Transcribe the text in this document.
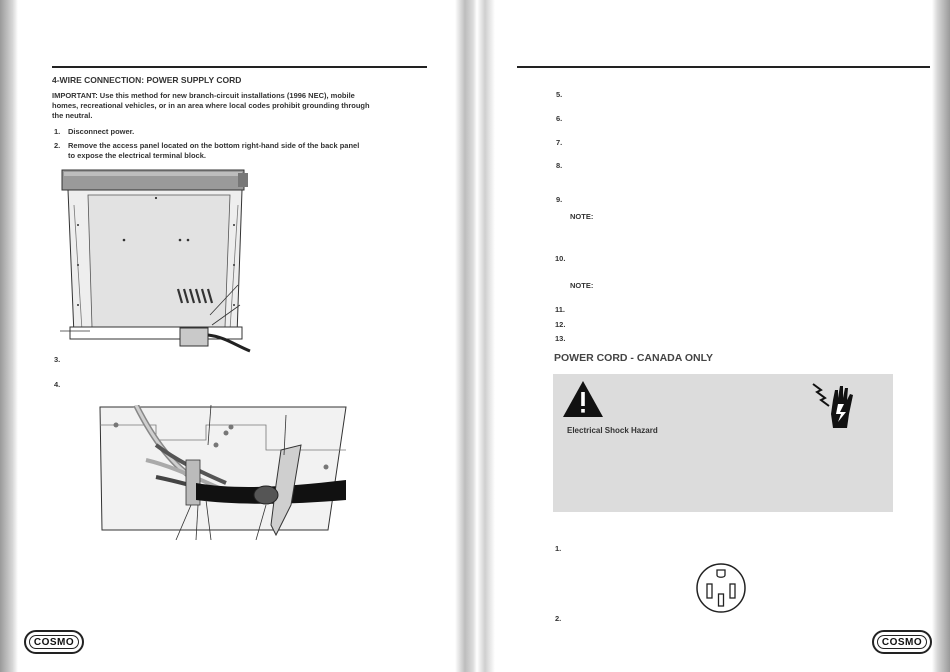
4-WIRE CONNECTION: POWER SUPPLY CORD
IMPORTANT: Use this method for new branch-circuit installations (1996 NEC), mobile homes, recreational vehicles, or in an area where local codes prohibit grounding through the neutral.
1. Disconnect power.
2. Remove the access panel located on the bottom right-hand side of the back panel to expose the electrical terminal block.
3.
4.
COSMO
5.
6.
7.
8.
9.
NOTE:
10.
NOTE:
11.
12.
13.
POWER CORD - CANADA ONLY
Electrical Shock Hazard
1.
2.
COSMO
